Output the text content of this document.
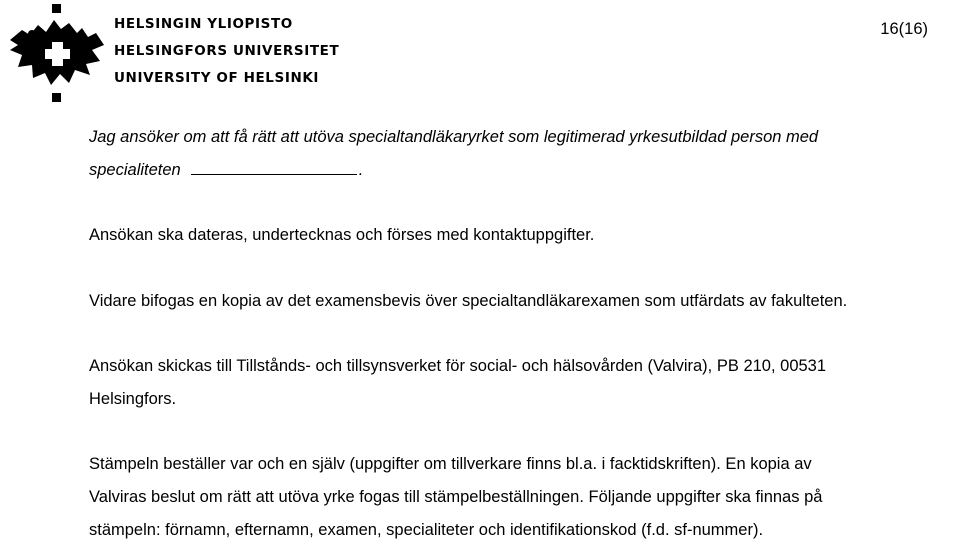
HELSINGIN YLIOPISTO
HELSINGFORS UNIVERSITET
UNIVERSITY OF HELSINKI
16(16)
Jag ansöker om att få rätt att utöva specialtandläkaryrket som legitimerad yrkesutbildad person med
specialiteten	.
Ansökan ska dateras, undertecknas och förses med kontaktuppgifter.
Vidare bifogas en kopia av det examensbevis över specialtandläkarexamen som utfärdats av fakulteten.
Ansökan skickas till Tillstånds- och tillsynsverket för social- och hälsovården (Valvira), PB 210, 00531
Helsingfors.
Stämpeln beställer var och en själv (uppgifter om tillverkare finns bl.a. i facktidskriften). En kopia av
Valviras beslut om rätt att utöva yrke fogas till stämpelbeställningen. Följande uppgifter ska finnas på
stämpeln: förnamn, efternamn, examen, specialiteter och identifikationskod (f.d. sf-nummer).
